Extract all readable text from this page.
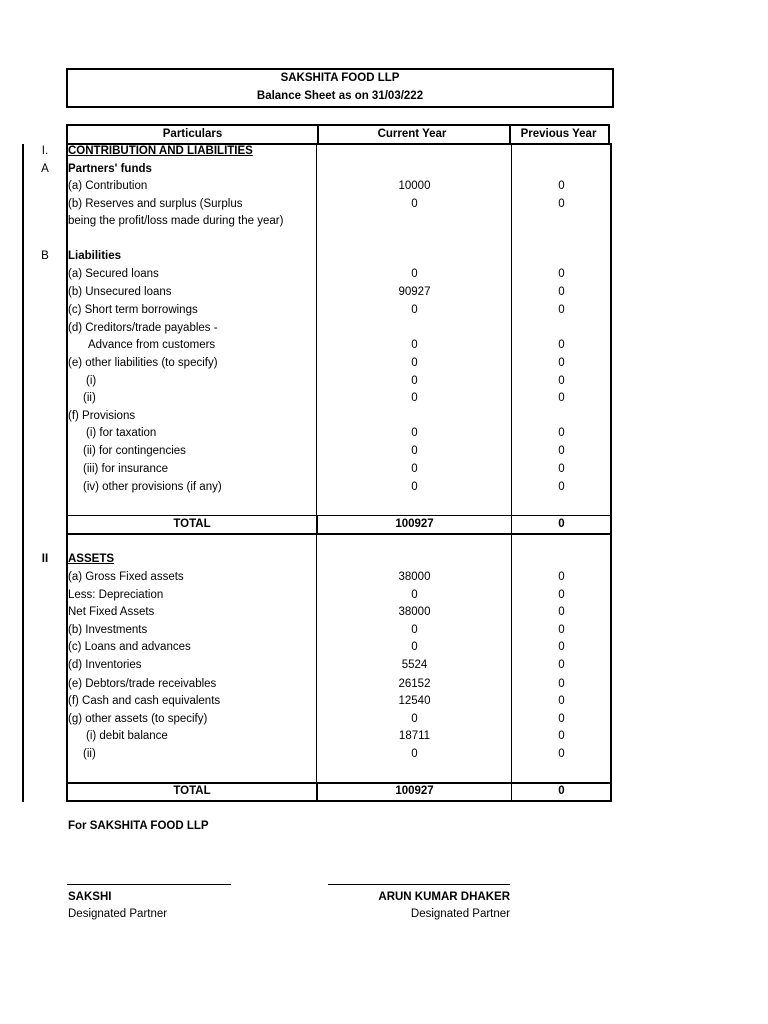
SAKSHITA FOOD LLP
Balance Sheet as on 31/03/222
Particulars	Current Year	Previous Year
I.	CONTRIBUTION AND LIABILITIES
A Partners' funds
(a) Contribution	10000	0
(b) Reserves and surplus (Surplus	0	0
being the profit/loss made during the year)
B Liabilities
(a) Secured loans	0	0
(b) Unsecured loans	90927	0
(c) Short term borrowings	0	0
(d) Creditors/trade payables -
Advance from customers	0	0
(e) other liabilities (to specify)	0	0
(i)	0	0
(ii)	0	0
(f) Provisions
(i) for taxation	0	0
(ii) for contingencies	0	0
(iii) for insurance	0	0
(iv) other provisions (if any)	0	0
TOTAL	100927	0
II	ASSETS
(a) Gross Fixed assets	38000	0
Less: Depreciation	0	0
Net Fixed Assets	38000	0
(b) Investments	0	0
(c) Loans and advances	0	0
(d) Inventories	5524	0
(e) Debtors/trade receivables	26152	0
(f) Cash and cash equivalents	12540	0
(g) other assets (to specify)	0	0
(i) debit balance	18711	0
(ii)	0	0
TOTAL	100927	0
For SAKSHITA FOOD LLP
SAKSHI
Designated Partner
ARUN KUMAR DHAKER
Designated Partner
